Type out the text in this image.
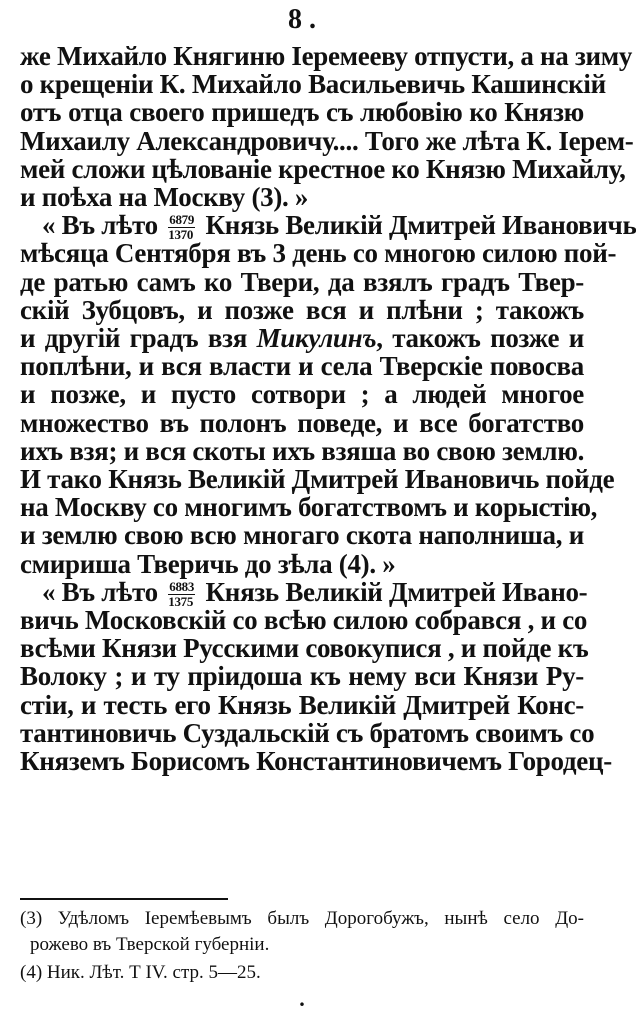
8 .
же Михайло Княгиню Іеремееву отпусти, а на зиму
о крещеніи К. Михайло Васильевичь Кашинскій
отъ отца своего пришедъ съ любовію ко Князю
Михаилу Александровичу.... Того же лѣта К. Іерем-
мей сложи цѣлованіе крестное ко Князю Михайлу,
и поѣха на Москву (3). »
« Въ лѣто $\frac{6879}{1370}$ Князь Великій Дмитрей Ивановичь
мѣсяца Сентября въ 3 день со многою силою пой-
де ратью самъ ко Твери, да взялъ градъ Твер-
скій Зубцовъ, и позже вся и плѣни ; такожъ
и другій градъ взя Микулинъ, такожъ позже и
поплѣни, и вся власти и села Тверскіе повосва
и позже, и пусто сотвори ; а людей многое
множество въ полонъ поведе, и все богатство
ихъ взя; и вся скоты ихъ взяша во свою землю.
И тако Князь Великій Дмитрей Ивановичь пойде
на Москву со многимъ богатствомъ и корыстію,
и землю свою всю многаго скота наполниша, и
смириша Тверичь до зѣла (4). »
« Въ лѣто $\frac{6883}{1375}$ Князь Великій Дмитрей Ивано-
вичь Московскій со всѣю силою собрався , и со
всѣми Князи Русскими совокупися , и пойде къ
Волоку ; и ту пріидоша къ нему вси Князи Ру-
стіи, и тесть его Князь Великій Дмитрей Конс-
тантиновичь Суздальскій съ братомъ своимъ со
Княземъ Борисомъ Константиновичемъ Городец-
(3) Удѣломъ Іеремѣевымъ былъ Дорогобужъ, нынѣ село До-
рожево въ Тверской губерніи.
(4) Ник. Лѣт. Т IV. стр. 5—25.
.
